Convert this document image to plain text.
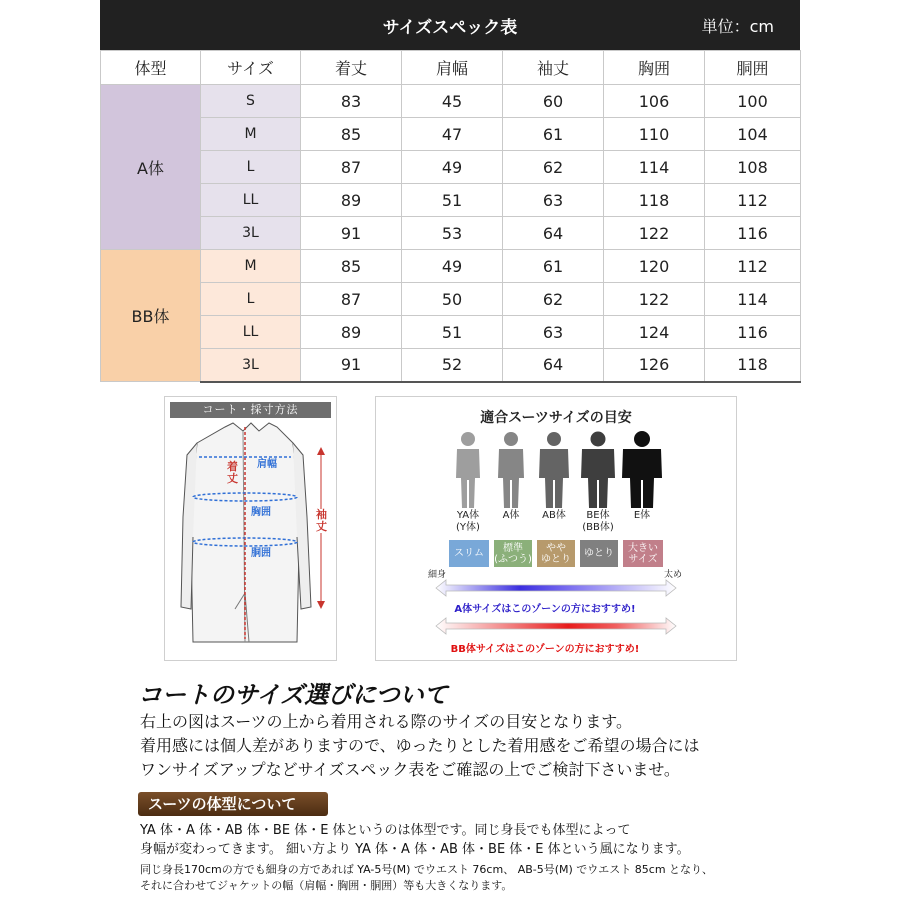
サイズスペック表	単位：cm
体型	サイズ	着丈	肩幅	袖丈	胸囲	胴囲
A体	S	83	45	60	106	100
	M	85	47	61	110	104
	L	87	49	62	114	108
	LL	89	51	63	118	112
	3L	91	53	64	122	116
BB体	M	85	49	61	120	112
	L	87	50	62	122	114
	LL	89	51	63	124	116
	3L	91	52	64	126	118
コート・採寸方法
着丈
肩幅
胸囲
胴囲
袖丈
適合スーツサイズの目安
YA体
(Y体)
A体	AB体	BE体
(BB体)
E体
スリム 標準
(ふつう)
やや
ゆとり ゆとり 大きい
サイズ
細身	太め
A体サイズはこのゾーンの方におすすめ!
BB体サイズはこのゾーンの方におすすめ!
コートのサイズ選びについて
右上の図はスーツの上から着用される際のサイズの目安となります。
着用感には個人差がありますので、ゆったりとした着用感をご希望の場合には
ワンサイズアップなどサイズスペック表をご確認の上でご検討下さいませ。
スーツの体型について
YA 体・A 体・AB 体・BE 体・E 体というのは体型です。同じ身長でも体型によって
身幅が変わってきます。 細い方より YA 体・A 体・AB 体・BE 体・E 体という風になります。
同じ身長170cmの方でも細身の方であれば YA-5号(M) でウエスト 76cm、 AB-5号(M) でウエスト 85cm となり、
それに合わせてジャケットの幅（肩幅・胸囲・胴囲）等も大きくなります。
